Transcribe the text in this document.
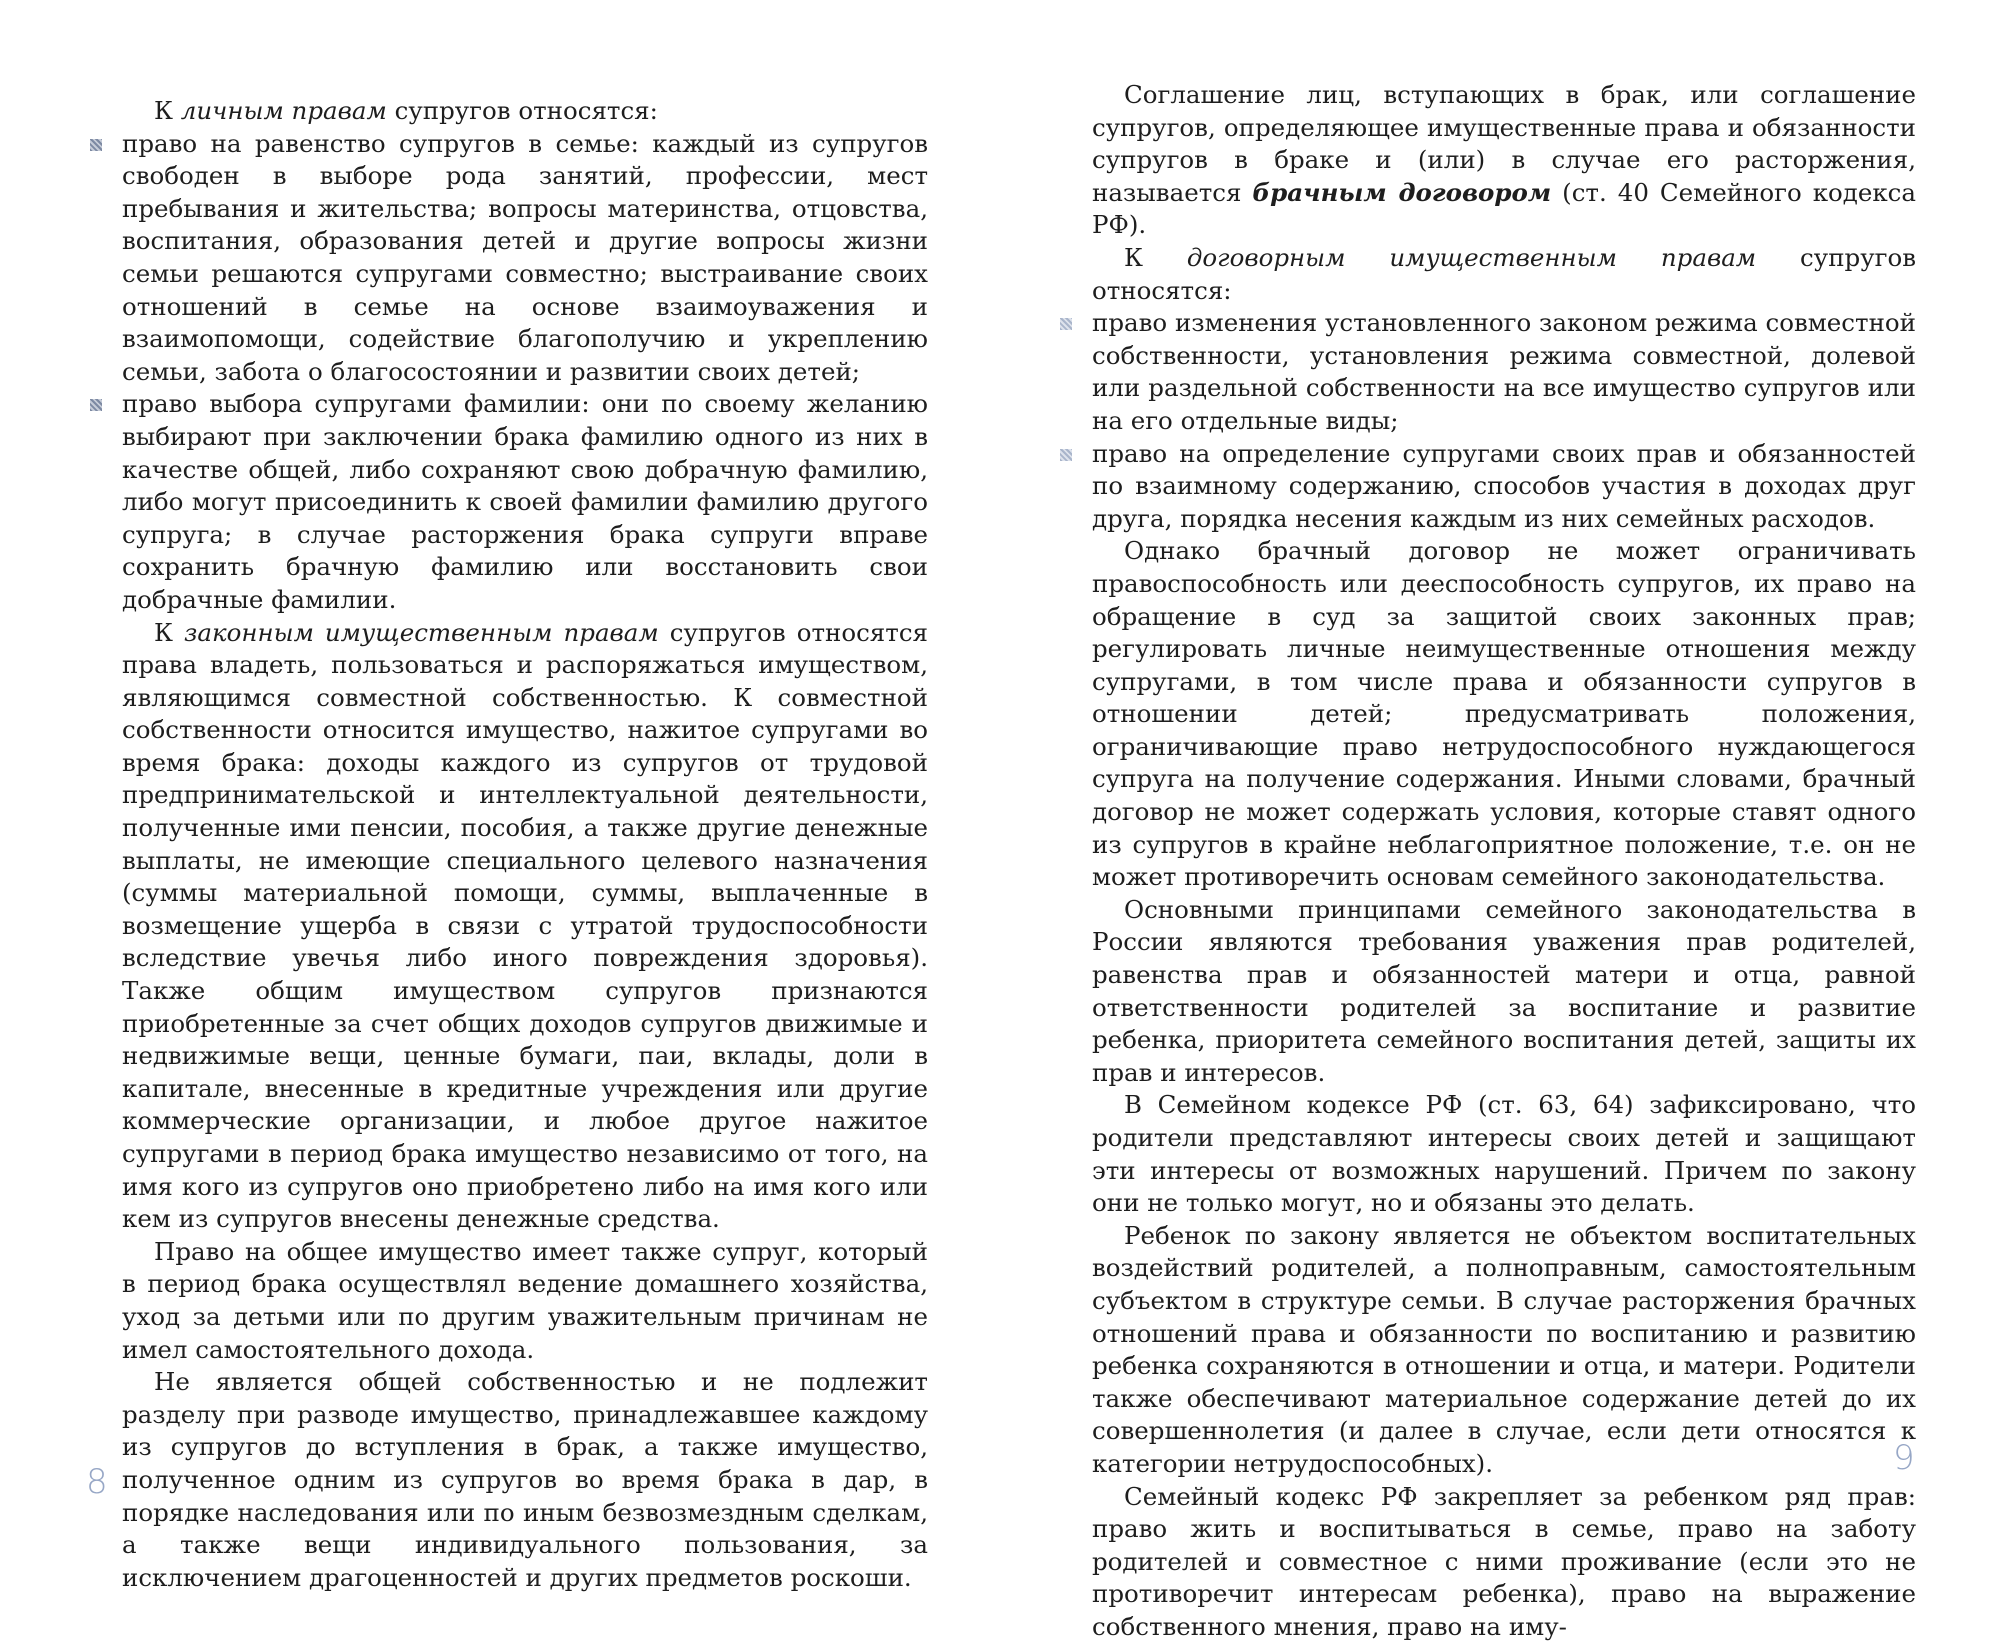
К личным правам супругов относятся:

право на равенство супругов в семье: каждый из супругов свободен в выборе рода занятий, профессии, мест пребывания и жительства; вопросы материнства, отцовства, воспитания, образования детей и другие вопросы жизни семьи решаются супругами совместно; выстраивание своих отношений в семье на основе взаимоуважения и взаимопомощи, содействие благополучию и укреплению семьи, забота о благосостоянии и развитии своих детей;
право выбора супругами фамилии: они по своему желанию выбирают при заключении брака фамилию одного из них в качестве общей, либо сохраняют свою добрачную фамилию, либо могут присоединить к своей фамилии фамилию другого супруга; в случае расторжения брака супруги вправе сохранить брачную фамилию или восстановить свои добрачные фамилии.

К законным имущественным правам супругов относятся права владеть, пользоваться и распоряжаться имуществом, являющимся совместной собственностью. К совместной собственности относится имущество, нажитое супругами во время брака: доходы каждого из супругов от трудовой предпринимательской и интеллектуальной деятельности, полученные ими пенсии, пособия, а также другие денежные выплаты, не имеющие специального целевого назначения (суммы материальной помощи, суммы, выплаченные в возмещение ущерба в связи с утратой трудоспособности вследствие увечья либо иного повреждения здоровья). Также общим имуществом супругов признаются приобретенные за счет общих доходов супругов движимые и недвижимые вещи, ценные бумаги, паи, вклады, доли в капитале, внесенные в кредитные учреждения или другие коммерческие организации, и любое другое нажитое супругами в период брака имущество независимо от того, на имя кого из супругов оно приобретено либо на имя кого или кем из супругов внесены денежные средства.

Право на общее имущество имеет также супруг, который в период брака осуществлял ведение домашнего хозяйства, уход за детьми или по другим уважительным причинам не имел самостоятельного дохода.

Не является общей собственностью и не подлежит разделу при разводе имущество, принадлежавшее каждому из супругов до вступления в брак, а также имущество, полученное одним из супругов во время брака в дар, в порядке наследования или по иным безвозмездным сделкам, а также вещи индивидуального пользования, за исключением драгоценностей и других предметов роскоши.

8

Соглашение лиц, вступающих в брак, или соглашение супругов, определяющее имущественные права и обязанности супругов в браке и (или) в случае его расторжения, называется брачным договором (ст. 40 Семейного кодекса РФ).

К договорным имущественным правам супругов относятся:

право изменения установленного законом режима совместной собственности, установления режима совместной, долевой или раздельной собственности на все имущество супругов или на его отдельные виды;
право на определение супругами своих прав и обязанностей по взаимному содержанию, способов участия в доходах друг друга, порядка несения каждым из них семейных расходов.

Однако брачный договор не может ограничивать правоспособность или дееспособность супругов, их право на обращение в суд за защитой своих законных прав; регулировать личные неимущественные отношения между супругами, в том числе права и обязанности супругов в отношении детей; предусматривать положения, ограничивающие право нетрудоспособного нуждающегося супруга на получение содержания. Иными словами, брачный договор не может содержать условия, которые ставят одного из супругов в крайне неблагоприятное положение, т.е. он не может противоречить основам семейного законодательства.

Основными принципами семейного законодательства в России являются требования уважения прав родителей, равенства прав и обязанностей матери и отца, равной ответственности родителей за воспитание и развитие ребенка, приоритета семейного воспитания детей, защиты их прав и интересов.

В Семейном кодексе РФ (ст. 63, 64) зафиксировано, что родители представляют интересы своих детей и защищают эти интересы от возможных нарушений. Причем по закону они не только могут, но и обязаны это делать.

Ребенок по закону является не объектом воспитательных воздействий родителей, а полноправным, самостоятельным субъектом в структуре семьи. В случае расторжения брачных отношений права и обязанности по воспитанию и развитию ребенка сохраняются в отношении и отца, и матери. Родители также обеспечивают материальное содержание детей до их совершеннолетия (и далее в случае, если дети относятся к категории нетрудоспособных).

Семейный кодекс РФ закрепляет за ребенком ряд прав: право жить и воспитываться в семье, право на заботу родителей и совместное с ними проживание (если это не противоречит интересам ребенка), право на выражение собственного мнения, право на иму-

9
